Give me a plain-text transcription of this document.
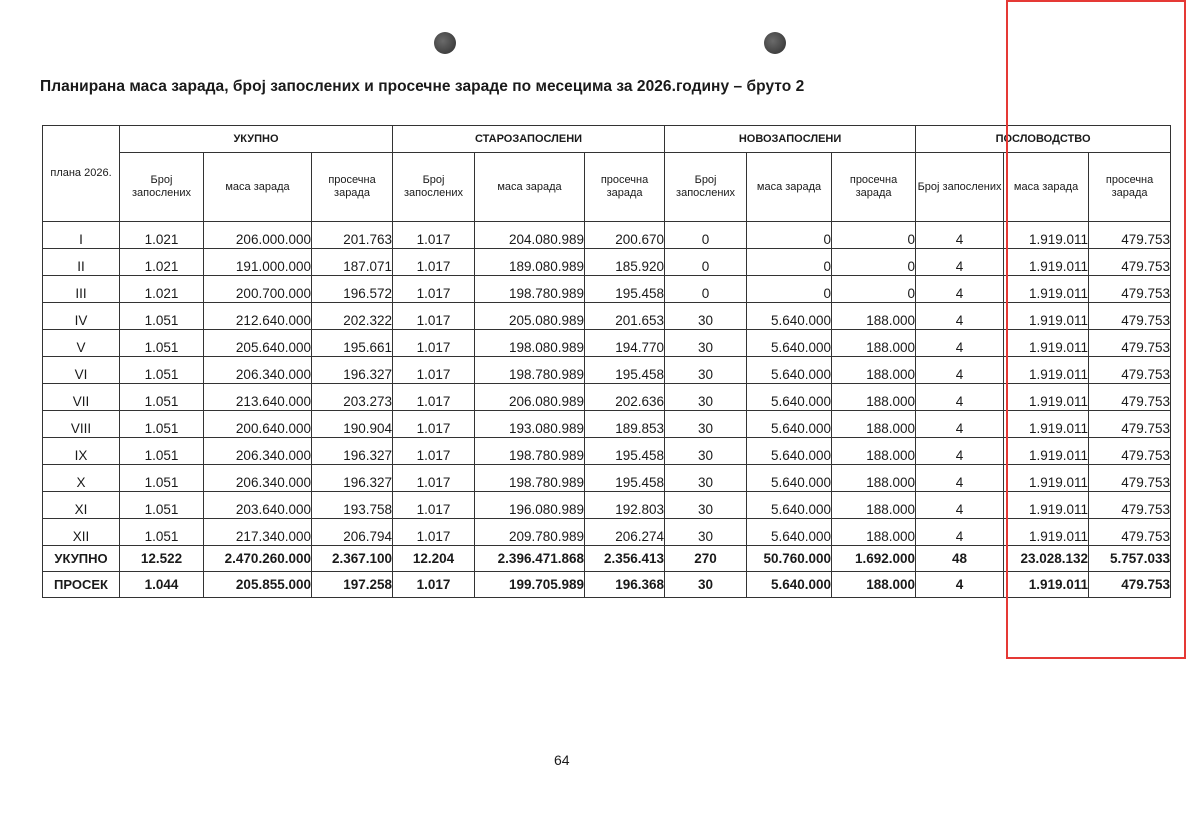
Планирана маса зарада, број запослених и просечне зараде по месецима за 2026.годину – бруто 2
плана 2026.	УКУПНО			СТАРОЗАПОСЛЕНИ			НОВОЗАПОСЛЕНИ			ПОСЛОВОДСТВО		
	Број запослених	маса зарада	просечна зарада	Број запослених	маса зарада	просечна зарада	Број запослених	маса зарада	просечна зарада	Број запослених	маса зарада	просечна зарада
I	1.021	206.000.000	201.763	1.017	204.080.989	200.670	0	0	0	4	1.919.011	479.753
II	1.021	191.000.000	187.071	1.017	189.080.989	185.920	0	0	0	4	1.919.011	479.753
III	1.021	200.700.000	196.572	1.017	198.780.989	195.458	0	0	0	4	1.919.011	479.753
IV	1.051	212.640.000	202.322	1.017	205.080.989	201.653	30	5.640.000	188.000	4	1.919.011	479.753
V	1.051	205.640.000	195.661	1.017	198.080.989	194.770	30	5.640.000	188.000	4	1.919.011	479.753
VI	1.051	206.340.000	196.327	1.017	198.780.989	195.458	30	5.640.000	188.000	4	1.919.011	479.753
VII	1.051	213.640.000	203.273	1.017	206.080.989	202.636	30	5.640.000	188.000	4	1.919.011	479.753
VIII	1.051	200.640.000	190.904	1.017	193.080.989	189.853	30	5.640.000	188.000	4	1.919.011	479.753
IX	1.051	206.340.000	196.327	1.017	198.780.989	195.458	30	5.640.000	188.000	4	1.919.011	479.753
X	1.051	206.340.000	196.327	1.017	198.780.989	195.458	30	5.640.000	188.000	4	1.919.011	479.753
XI	1.051	203.640.000	193.758	1.017	196.080.989	192.803	30	5.640.000	188.000	4	1.919.011	479.753
XII	1.051	217.340.000	206.794	1.017	209.780.989	206.274	30	5.640.000	188.000	4	1.919.011	479.753
УКУПНО	12.522	2.470.260.000	2.367.100	12.204	2.396.471.868	2.356.413	270	50.760.000	1.692.000	48	23.028.132	5.757.033
ПРОСЕК	1.044	205.855.000	197.258	1.017	199.705.989	196.368	30	5.640.000	188.000	4	1.919.011	479.753
64
